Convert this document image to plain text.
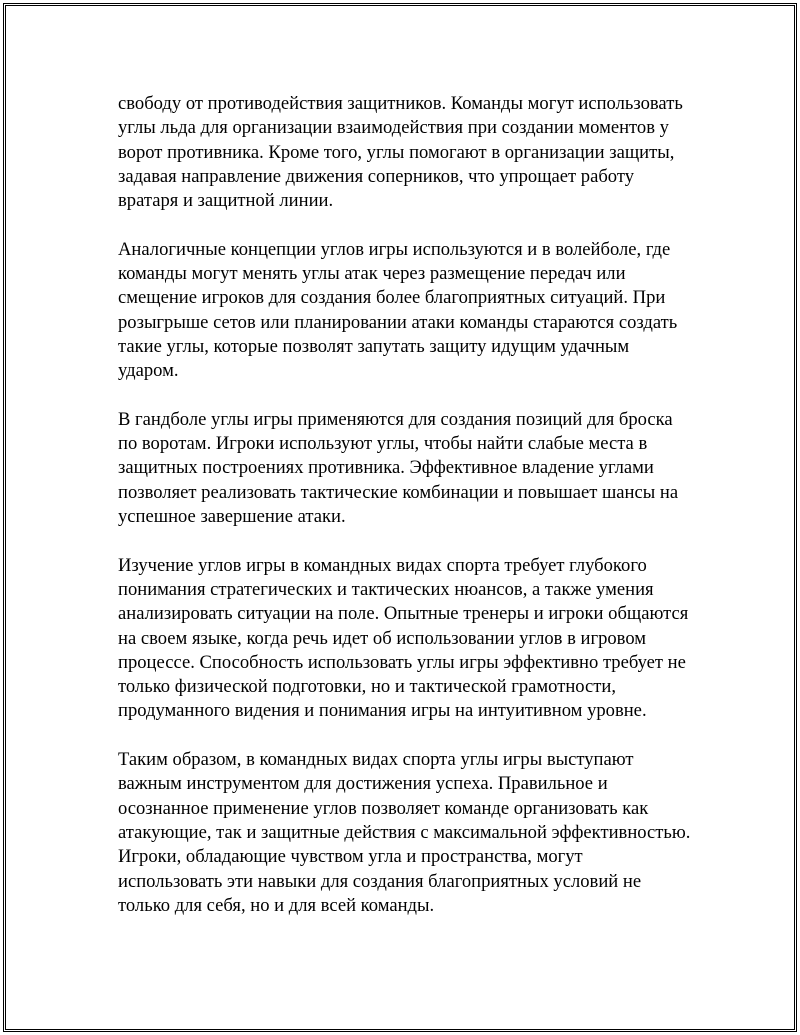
свободу от противодействия защитников. Команды могут использовать
углы льда для организации взаимодействия при создании моментов у
ворот противника. Кроме того, углы помогают в организации защиты,
задавая направление движения соперников, что упрощает работу
вратаря и защитной линии.

Аналогичные концепции углов игры используются и в волейболе, где
команды могут менять углы атак через размещение передач или
смещение игроков для создания более благоприятных ситуаций. При
розыгрыше сетов или планировании атаки команды стараются создать
такие углы, которые позволят запутать защиту идущим удачным
ударом.

В гандболе углы игры применяются для создания позиций для броска
по воротам. Игроки используют углы, чтобы найти слабые места в
защитных построениях противника. Эффективное владение углами
позволяет реализовать тактические комбинации и повышает шансы на
успешное завершение атаки.

Изучение углов игры в командных видах спорта требует глубокого
понимания стратегических и тактических нюансов, а также умения
анализировать ситуации на поле. Опытные тренеры и игроки общаются
на своем языке, когда речь идет об использовании углов в игровом
процессе. Способность использовать углы игры эффективно требует не
только физической подготовки, но и тактической грамотности,
продуманного видения и понимания игры на интуитивном уровне.

Таким образом, в командных видах спорта углы игры выступают
важным инструментом для достижения успеха. Правильное и
осознанное применение углов позволяет команде организовать как
атакующие, так и защитные действия с максимальной эффективностью.
Игроки, обладающие чувством угла и пространства, могут
использовать эти навыки для создания благоприятных условий не
только для себя, но и для всей команды.
